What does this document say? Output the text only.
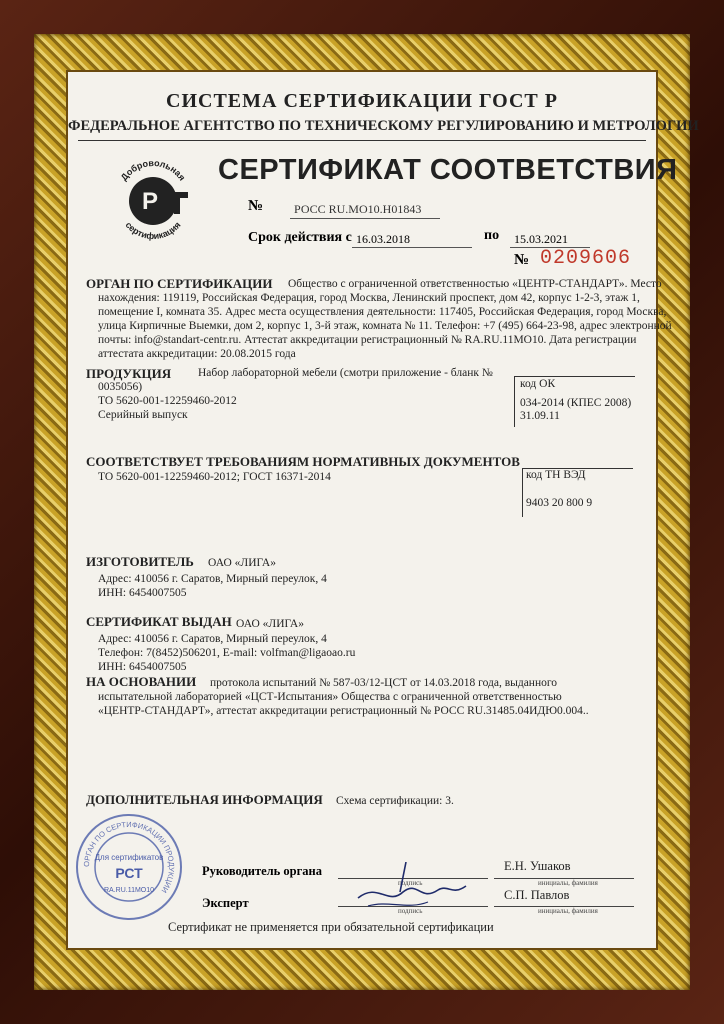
СИСТЕМА СЕРТИФИКАЦИИ ГОСТ Р
ФЕДЕРАЛЬНОЕ АГЕНТСТВО ПО ТЕХНИЧЕСКОМУ РЕГУЛИРОВАНИЮ И МЕТРОЛОГИИ
Р
Добровольная
сертификация
СЕРТИФИКАТ СООТВЕТСТВИЯ
№	РОСС RU.МО10.Н01843
Срок действия с 16.03.2018	по 15.03.2021
№ 0209606
ОРГАН ПО СЕРТИФИКАЦИИ Общество с ограниченной ответственностью «ЦЕНТР-СТАНДАРТ». Место
нахождения: 119119, Российская Федерация, город Москва, Ленинский проспект, дом 42, корпус 1-2-3, этаж 1,
помещение I, комната 35. Адрес места осуществления деятельности: 117405, Российская Федерация, город Москва,
улица Кирпичные Выемки, дом 2, корпус 1, 3-й этаж, комната № 11. Телефон: +7 (495) 664-23-98, адрес электронной
почты: info@standart-centr.ru. Аттестат аккредитации регистрационный № RA.RU.11МО10. Дата регистрации
аттестата аккредитации: 20.08.2015 года
ПРОДУКЦИЯ Набор лабораторной мебели (смотри приложение - бланк №
0035056)
ТО 5620-001-12259460-2012
Серийный выпуск
код ОК
034-2014 (КПЕС 2008)
31.09.11
СООТВЕТСТВУЕТ ТРЕБОВАНИЯМ НОРМАТИВНЫХ ДОКУМЕНТОВ
ТО 5620-001-12259460-2012; ГОСТ 16371-2014	код ТН ВЭД
9403 20 800 9
ИЗГОТОВИТЕЛЬ ОАО «ЛИГА»
Адрес: 410056 г. Саратов, Мирный переулок, 4
ИНН: 6454007505
СЕРТИФИКАТ ВЫДАН ОАО «ЛИГА»
Адрес: 410056 г. Саратов, Мирный переулок, 4
Телефон: 7(8452)506201, E-mail: volfman@ligaoao.ru
ИНН: 6454007505
НА ОСНОВАНИИ протокола испытаний № 587-03/12-ЦСТ от 14.03.2018 года, выданного
испытательной лабораторией «ЦСТ-Испытания» Общества с ограниченной ответственностью
«ЦЕНТР-СТАНДАРТ», аттестат аккредитации регистрационный № РОСС RU.31485.04ИДЮ0.004..
ДОПОЛНИТЕЛЬНАЯ ИНФОРМАЦИЯ Схема сертификации: 3.
ОРГАН ПО СЕРТИФИКАЦИИ ПРОДУКЦИИ
Для сертификатов
РСТ
RA.RU.11МО10
Руководитель органа
подпись
Е.Н. Ушаков
инициалы, фамилия
Эксперт
подпись
С.П. Павлов
инициалы, фамилия
Сертификат не применяется при обязательной сертификации
